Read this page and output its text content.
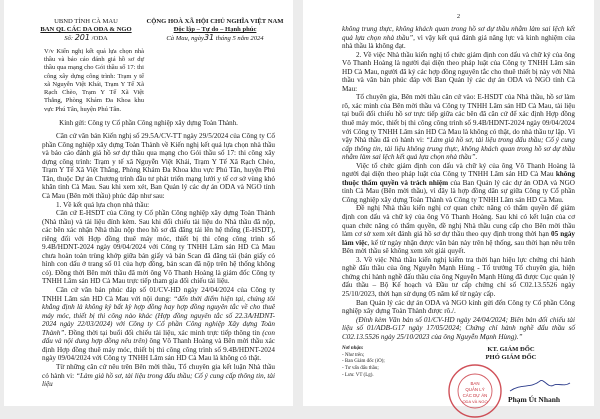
UBND TỈNH CÀ MAU
BAN QL CÁC DA ODA & NGO
Số: 201 /ODA
CỘNG HOÀ XÃ HỘI CHỦ NGHĨA VIỆT NAM
Độc lập – Tự do – Hạnh phúc
Cà Mau, ngày31 tháng 5 năm 2024
V/v Kiến nghị kết quả lựa chọn nhà thầu và báo cáo đánh giá hồ sơ dự thầu qua mạng cho Gói thầu số 17: thi công xây dựng công trình: Trạm y tế xã Nguyễn Việt Khái, Trạm Y Tế Xã Rạch Chèo, Trạm Y Tế Xã Việt Thắng, Phòng Khám Đa Khoa khu vực Phú Tân, huyện Phú Tân.
Kính gửi: Công ty Cổ phần Công nghiệp xây dựng Toàn Thành.

Căn cứ văn bản Kiến nghị số 29.5A/CV-TT ngày 29/5/2024 của Công ty Cổ phần Công nghiệp xây dựng Toàn Thành về Kiến nghị kết quả lựa chọn nhà thầu và báo cáo đánh giá hồ sơ dự thầu qua mạng cho Gói thầu số 17: thi công xây dựng công trình: Trạm y tế xã Nguyễn Việt Khái, Trạm Y Tế Xã Rạch Chèo, Trạm Y Tế Xã Việt Thắng, Phòng Khám Đa Khoa khu vực Phú Tân, huyện Phú Tân, thuộc Dự án Chương trình đầu tư phát triển mạng lưới y tế cơ sở vùng khó khăn tỉnh Cà Mau. Sau khi xem xét, Ban Quản lý các dự án ODA và NGO tỉnh Cà Mau (Bên mời thầu) phúc đáp như sau:

1. Về kết quả lựa chọn nhà thầu:

Căn cứ E-HSDT của Công ty Cổ phần Công nghiệp xây dựng Toàn Thành (Nhà thầu) và tài liệu đính kèm. Sau khi đối chiếu tài liệu do Nhà thầu đã nộp, các bên xác nhận Nhà thầu nộp theo hồ sơ đã đăng tải lên hệ thống (E-HSDT), riêng đối với Hợp đồng thuê máy móc, thiết bị thi công công trình số 9.4B/HDNT-2024 ngày 09/04/2024 với Công ty TNHH Lâm sản HD Cà Mau chưa hoàn toàn trùng khớp giữa bản giấy và bản Scan đã đăng tải (bản giấy có hình con dấu ở trang số 01 của hợp đồng, bản scan đã nộp trên hệ thống không có). Đồng thời Bên mời thầu đã mời ông Võ Thanh Hoàng là giám đốc Công ty TNHH Lâm sản HD Cà Mau trực tiếp tham gia đối chiếu tài liệu.

Căn cứ văn bản phúc đáp số 01/CV-HD ngày 24/04/2024 của Công ty TNHH Lâm sản HD Cà Mau với nội dung: “đến thời điểm hiện tại, chúng tôi khẳng định là không ký bất kỳ hợp đồng hay hợp đồng nguyên tắc về cho thuê máy móc, thiết bị thi công nào khác (Hợp đồng nguyên tắc số 22.3A/HDNT-2024 ngày 22/03/2024) với Công ty Cổ phần Công nghiệp Xây dựng Toàn Thành”. Đồng thời tại buổi đối chiếu tài liệu, xác minh trực tiếp thông tin (con dấu và nội dung hợp đồng nêu trên) ông Võ Thanh Hoàng và Bên mời thầu xác định Hợp đồng thuê máy móc, thiết bị thi công công trình số 9.4B/HDNT-2024 ngày 09/04/2024 với Công ty TNHH Lâm sản HD Cà Mau là không có thật.

Từ những căn cứ nêu trên Bên mời thầu, Tổ chuyên gia kết luận Nhà thầu có hành vi: “Làm giả hồ sơ, tài liệu trong đấu thầu; Cố ý cung cấp thông tin, tài liệu

2

không trung thực, không khách quan trong hồ sơ dự thầu nhằm làm sai lệch kết quả lựa chọn nhà thầu”, vì vậy kết quả đánh giá năng lực và kinh nghiệm của nhà thầu là không đạt.

2. Về việc Nhà thầu kiến nghị tổ chức giám định con dấu và chữ ký của ông Võ Thanh Hoàng là người đại diện theo pháp luật của Công ty TNHH Lâm sản HD Cà Mau, người đã ký các hợp đồng nguyên tắc cho thuê thiết bị này với Nhà thầu và văn bản phúc đáp với Ban Quản lý các dự án ODA và NGO tỉnh Cà Mau:

Tổ chuyên gia, Bên mời thầu căn cứ vào: E-HSDT của Nhà thầu, hồ sơ làm rõ, xác minh của Bên mời thầu và Công ty TNHH Lâm sản HD Cà Mau, tài liệu tại buổi đối chiếu hồ sơ trực tiếp giữa các bên đã căn cứ để xác định Hợp đồng thuê máy móc, thiết bị thi công công trình số 9.4B/HDNT-2024 ngày 09/04/2024 với Công ty TNHH Lâm sản HD Cà Mau là không có thật, do nhà thầu tự lập. Vì vậy Nhà thầu đã có hành vi: “Làm giả hồ sơ, tài liệu trong đấu thầu; Cố ý cung cấp thông tin, tài liệu không trung thực, không khách quan trong hồ sơ dự thầu nhằm làm sai lệch kết quả lựa chọn nhà thầu”.

Việc tổ chức giám định con dấu và chữ ký của ông Võ Thanh Hoàng là người đại diện theo pháp luật của Công ty TNHH Lâm sản HD Cà Mau không thuộc thẩm quyền và trách nhiệm của Ban Quản lý các dự án ODA và NGO tỉnh Cà Mau (Bên mời thầu), vì đây là hợp đồng dân sự giữa Công ty Cổ phần Công nghiệp xây dựng Toàn Thành và Công ty TNHH Lâm sản HD Cà Mau.

Đề nghị Nhà thầu kiến nghị cơ quan chức năng có thẩm quyền để giám định con dấu và chữ ký của ông Võ Thanh Hoàng. Sau khi có kết luận của cơ quan chức năng có thẩm quyền, đề nghị Nhà thầu cung cấp cho Bên mời thầu làm cơ sở xem xét đánh giá hồ sơ dự thầu theo quy định trong thời hạn 05 ngày làm việc, kể từ ngày nhận được văn bản này trên hệ thống, sau thời hạn nêu trên Bên mời thầu sẽ không xem xét giải quyết.

3. Về việc Nhà thầu kiến nghị kiểm tra thời hạn hiệu lực chứng chỉ hành nghề đấu thầu của ông Nguyễn Mạnh Hùng - Tổ trưởng Tổ chuyên gia, hiện chứng chỉ hành nghề đấu thầu của ông Nguyễn Mạnh Hùng đã được Cục quản lý đấu thầu – Bộ Kế hoạch và Đầu tư cấp chứng chỉ số C02.13.5526 ngày 25/10/2023, thời hạn sử dụng 05 năm kể từ ngày cấp.

Ban Quản lý các dự án ODA và NGO kính gửi đến Công ty Cổ phần Công nghiệp xây dựng Toàn Thành được rõ./.

(Đính kèm Văn bản số 01/CV-HD ngày 24/04/2024; Biên bản đối chiếu tài liệu số 01/ADB-G17 ngày 17/05/2024; Chứng chỉ hành nghề đấu thầu số C02.13.5526 ngày 25/10/2023 của ông Nguyễn Mạnh Hùng).”

Nơi nhận:
- Như trên;
- Ban Giám đốc (iO);
- Tư vấn đấu thầu;
- Lưu: VT (Lg).
KT. GIÁM ĐỐC
PHÓ GIÁM ĐỐC
BAN
QUẢN LÝ
CÁC DỰ ÁN
ODA VÀ NGO	Phạm Út Nhanh
